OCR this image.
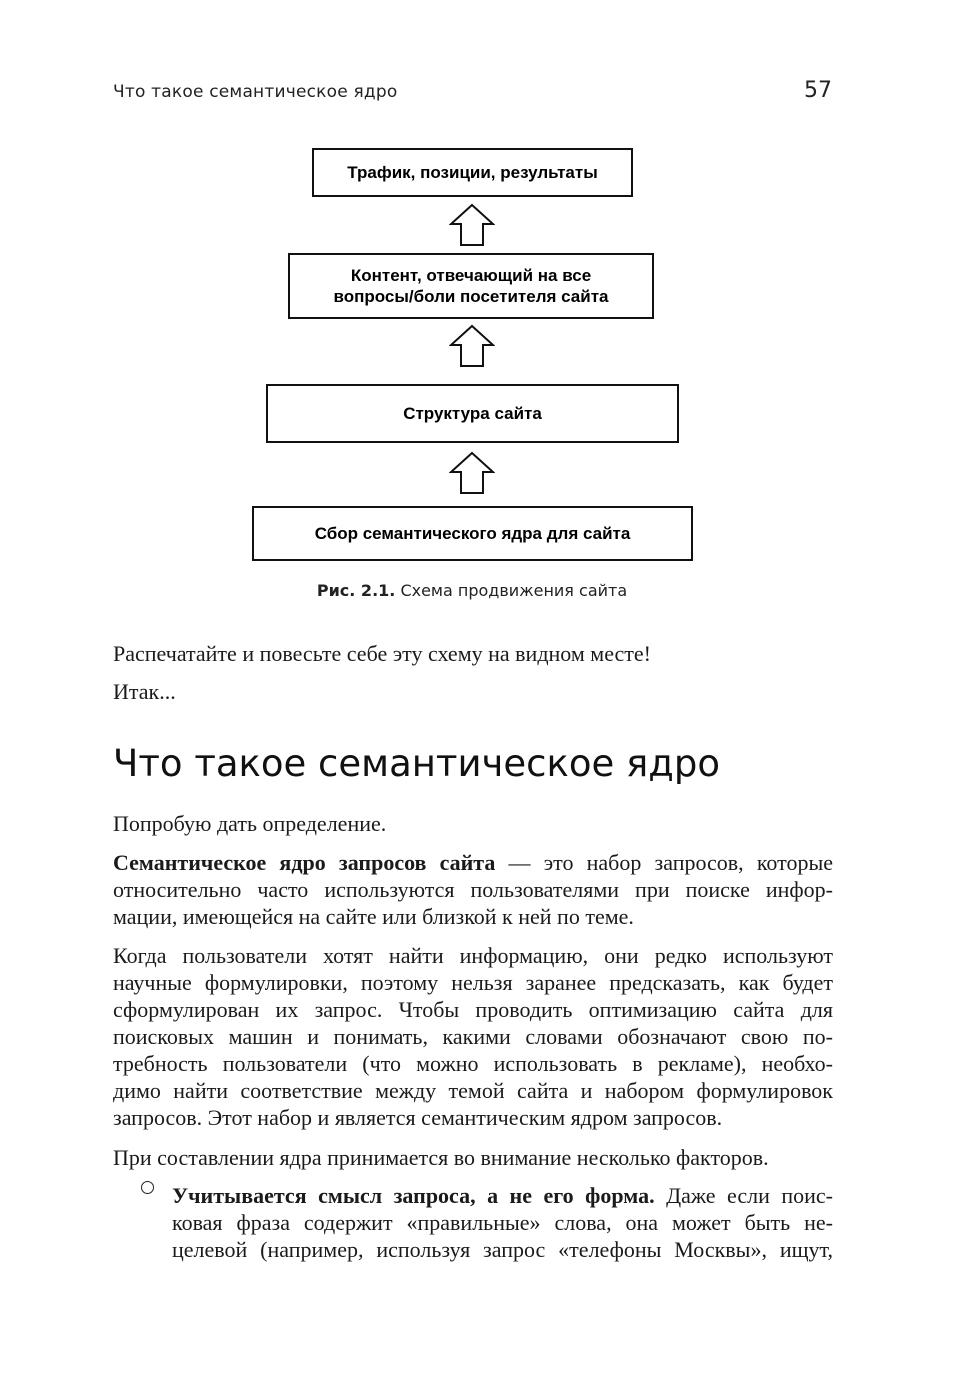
Что такое семантическое ядро	57
Трафик, позиции, результаты
Контент, отвечающий на все
вопросы/боли посетителя сайта
Структура сайта
Сбор семантического ядра для сайта
Рис. 2.1. Схема продвижения сайта
Распечатайте и повесьте себе эту схему на видном месте!
Итак...
Что такое семантическое ядро
Попробую дать определение.
Семантическое ядро запросов сайта — это набор запросов, которые
относительно часто используются пользователями при поиске инфор-
мации, имеющейся на сайте или близкой к ней по теме.
Когда пользователи хотят найти информацию, они редко используют
научные формулировки, поэтому нельзя заранее предсказать, как будет
сформулирован их запрос. Чтобы проводить оптимизацию сайта для
поисковых машин и понимать, какими словами обозначают свою по-
требность пользователи (что можно использовать в рекламе), необхо-
димо найти соответствие между темой сайта и набором формулировок
запросов. Этот набор и является семантическим ядром запросов.
При составлении ядра принимается во внимание несколько факторов.
Учитывается смысл запроса, а не его форма. Даже если поис-
ковая фраза содержит «правильные» слова, она может быть не-
целевой (например, используя запрос «телефоны Москвы», ищут,
